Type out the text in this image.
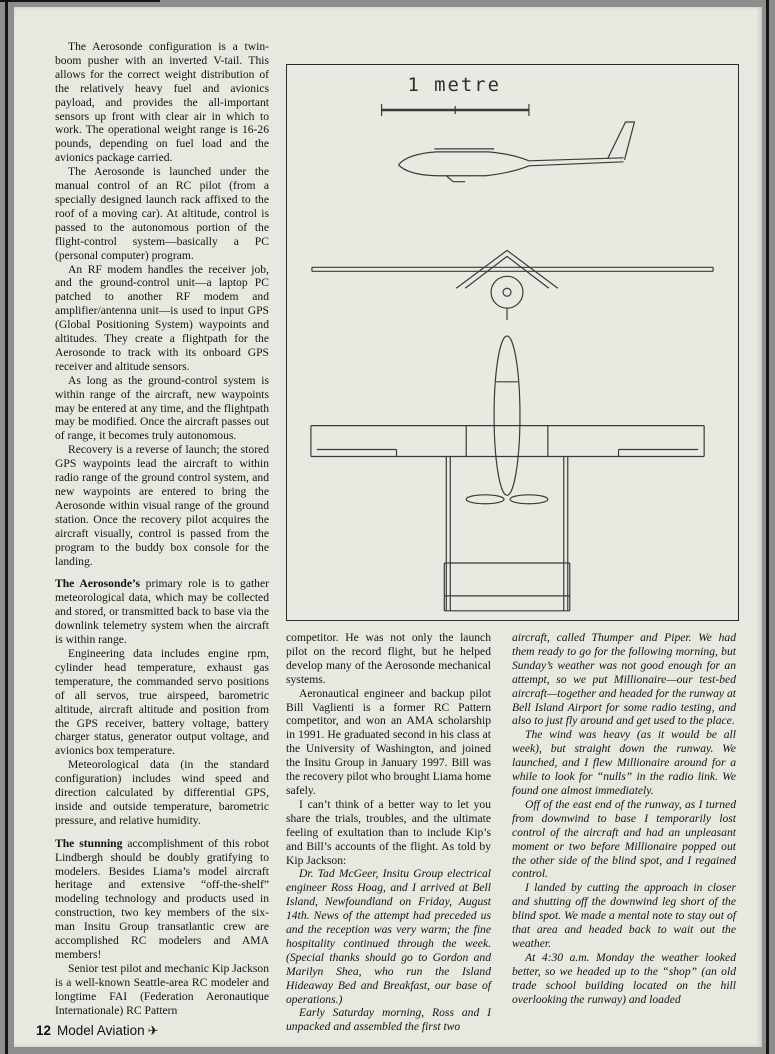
The Aerosonde configuration is a twin-boom pusher with an inverted V-tail. This allows for the correct weight distribution of the relatively heavy fuel and avionics payload, and provides the all-important sensors up front with clear air in which to work. The operational weight range is 16-26 pounds, depending on fuel load and the avionics package carried.

The Aerosonde is launched under the manual control of an RC pilot (from a specially designed launch rack affixed to the roof of a moving car). At altitude, control is passed to the autonomous portion of the flight-control system—basically a PC (personal computer) program.

An RF modem handles the receiver job, and the ground-control unit—a laptop PC patched to another RF modem and amplifier/antenna unit—is used to input GPS (Global Positioning System) waypoints and altitudes. They create a flightpath for the Aerosonde to track with its onboard GPS receiver and altitude sensors.

As long as the ground-control system is within range of the aircraft, new waypoints may be entered at any time, and the flightpath may be modified. Once the aircraft passes out of range, it becomes truly autonomous.

Recovery is a reverse of launch; the stored GPS waypoints lead the aircraft to within radio range of the ground control system, and new waypoints are entered to bring the Aerosonde within visual range of the ground station. Once the recovery pilot acquires the aircraft visually, control is passed from the program to the buddy box console for the landing.

The Aerosonde’s primary role is to gather meteorological data, which may be collected and stored, or transmitted back to base via the downlink telemetry system when the aircraft is within range.

Engineering data includes engine rpm, cylinder head temperature, exhaust gas temperature, the commanded servo positions of all servos, true airspeed, barometric altitude, aircraft altitude and position from the GPS receiver, battery voltage, battery charger status, generator output voltage, and avionics box temperature.

Meteorological data (in the standard configuration) includes wind speed and direction calculated by differential GPS, inside and outside temperature, barometric pressure, and relative humidity.

The stunning accomplishment of this robot Lindbergh should be doubly gratifying to modelers. Besides Liama’s model aircraft heritage and extensive “off-the-shelf” modeling technology and products used in construction, two key members of the six-man Insitu Group transatlantic crew are accomplished RC modelers and AMA members!

Senior test pilot and mechanic Kip Jackson is a well-known Seattle-area RC modeler and longtime FAI (Federation Aeronautique Internationale) RC Pattern

1 metre

competitor. He was not only the launch pilot on the record flight, but he helped develop many of the Aerosonde mechanical systems.

Aeronautical engineer and backup pilot Bill Vaglienti is a former RC Pattern competitor, and won an AMA scholarship in 1991. He graduated second in his class at the University of Washington, and joined the Insitu Group in January 1997. Bill was the recovery pilot who brought Liama home safely.

I can’t think of a better way to let you share the trials, troubles, and the ultimate feeling of exultation than to include Kip’s and Bill’s accounts of the flight. As told by Kip Jackson:

Dr. Tad McGeer, Insitu Group electrical engineer Ross Hoag, and I arrived at Bell Island, Newfoundland on Friday, August 14th. News of the attempt had preceded us and the reception was very warm; the fine hospitality continued through the week. (Special thanks should go to Gordon and Marilyn Shea, who run the Island Hideaway Bed and Breakfast, our base of operations.)

Early Saturday morning, Ross and I unpacked and assembled the first two

aircraft, called Thumper and Piper. We had them ready to go for the following morning, but Sunday’s weather was not good enough for an attempt, so we put Millionaire—our test-bed aircraft—together and headed for the runway at Bell Island Airport for some radio testing, and also to just fly around and get used to the place.

The wind was heavy (as it would be all week), but straight down the runway. We launched, and I flew Millionaire around for a while to look for “nulls” in the radio link. We found one almost immediately.

Off of the east end of the runway, as I turned from downwind to base I temporarily lost control of the aircraft and had an unpleasant moment or two before Millionaire popped out the other side of the blind spot, and I regained control.

I landed by cutting the approach in closer and shutting off the downwind leg short of the blind spot. We made a mental note to stay out of that area and headed back to wait out the weather.

At 4:30 a.m. Monday the weather looked better, so we headed up to the “shop” (an old trade school building located on the hill overlooking the runway) and loaded

12 Model Aviation ✈
